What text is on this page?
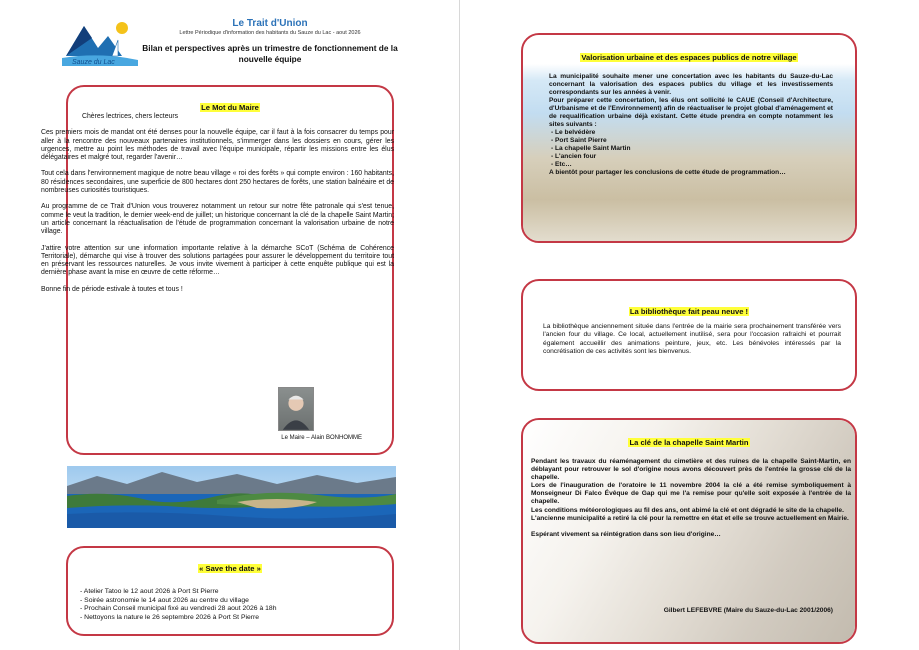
Sauze du Lac
Le Trait d'Union
Lettre Périodique d'information des habitants du Sauze du Lac - aout 2026
Bilan et perspectives après un trimestre de fonctionnement de la nouvelle équipe
Le Mot du Maire

Chères lectrices, chers lecteurs

Ces premiers mois de mandat ont été denses pour la nouvelle équipe, car il faut à la fois consacrer du temps pour aller à la rencontre des nouveaux partenaires institutionnels, s'immerger dans les dossiers en cours, gérer les urgences, mettre au point les méthodes de travail avec l'équipe municipale, répartir les missions entre les élus délégataires et malgré tout, regarder l'avenir…

Tout cela dans l'environnement magique de notre beau village « roi des forêts » qui compte environ : 160 habitants, 80 résidences secondaires, une superficie de 800 hectares dont 250 hectares de forêts, une station balnéaire et de nombreuses curiosités touristiques.

Au programme de ce Trait d'Union vous trouverez notamment un retour sur notre fête patronale qui s'est tenue, comme le veut la tradition, le dernier week-end de juillet; un historique concernant la clé de la chapelle Saint Martin; un article concernant la réactualisation de l'étude de programmation concernant la valorisation urbaine de notre village.

J'attire votre attention sur une information importante relative à la démarche SCoT (Schéma de Cohérence Territoriale), démarche qui vise à trouver des solutions partagées pour assurer le développement du territoire tout en préservant les ressources naturelles. Je vous invite vivement à participer à cette enquête publique qui est la dernière phase avant la mise en œuvre de cette réforme…

Bonne fin de période estivale à toutes et tous !

Le Maire – Alain BONHOMME
« Save the date »
- Atelier Tatoo le 12 aout 2026 à Port St Pierre
- Soirée astronomie le 14 aout 2026 au centre du village
- Prochain Conseil municipal fixé au vendredi 28 aout 2026 à 18h
- Nettoyons la nature le 26 septembre 2026 à Port St Pierre
Valorisation urbaine et des espaces publics de notre village
La municipalité souhaite mener une concertation avec les habitants du Sauze-du-Lac concernant la valorisation des espaces publics du village et les investissements correspondants sur les années à venir.
Pour préparer cette concertation, les élus ont sollicité le CAUE (Conseil d'Architecture, d'Urbanisme et de l'Environnement) afin de réactualiser le projet global d'aménagement et de requalification urbaine déjà existant. Cette étude prendra en compte notamment les sites suivants :
- Le belvédère
- Port Saint Pierre
- La chapelle Saint Martin
- L'ancien four
- Etc…
A bientôt pour partager les conclusions de cette étude de programmation…
La bibliothèque fait peau neuve !
La bibliothèque anciennement située dans l'entrée de la mairie sera prochainement transférée vers l'ancien four du village. Ce local, actuellement inutilisé, sera pour l'occasion rafraichi et pourrait également accueillir des animations peinture, jeux, etc. Les bénévoles intéressés par la concrétisation de ces activités sont les bienvenus.
La clé de la chapelle Saint Martin

Pendant les travaux du réaménagement du cimetière et des ruines de la chapelle Saint-Martin, en déblayant pour retrouver le sol d'origine nous avons découvert près de l'entrée la grosse clé de la chapelle.

Lors de l'inauguration de l'oratoire le 11 novembre 2004 la clé a été remise symboliquement à Monseigneur Di Falco Évêque de Gap qui me l'a remise pour qu'elle soit exposée à l'entrée de la chapelle.

Les conditions météorologiques au fil des ans, ont abimé la clé et ont dégradé le site de la chapelle.

L'ancienne municipalité a retiré la clé pour la remettre en état et elle se trouve actuellement en Mairie.

Espérant vivement sa réintégration dans son lieu d'origine…

Gilbert LEFEBVRE (Maire du Sauze-du-Lac 2001/2006)
